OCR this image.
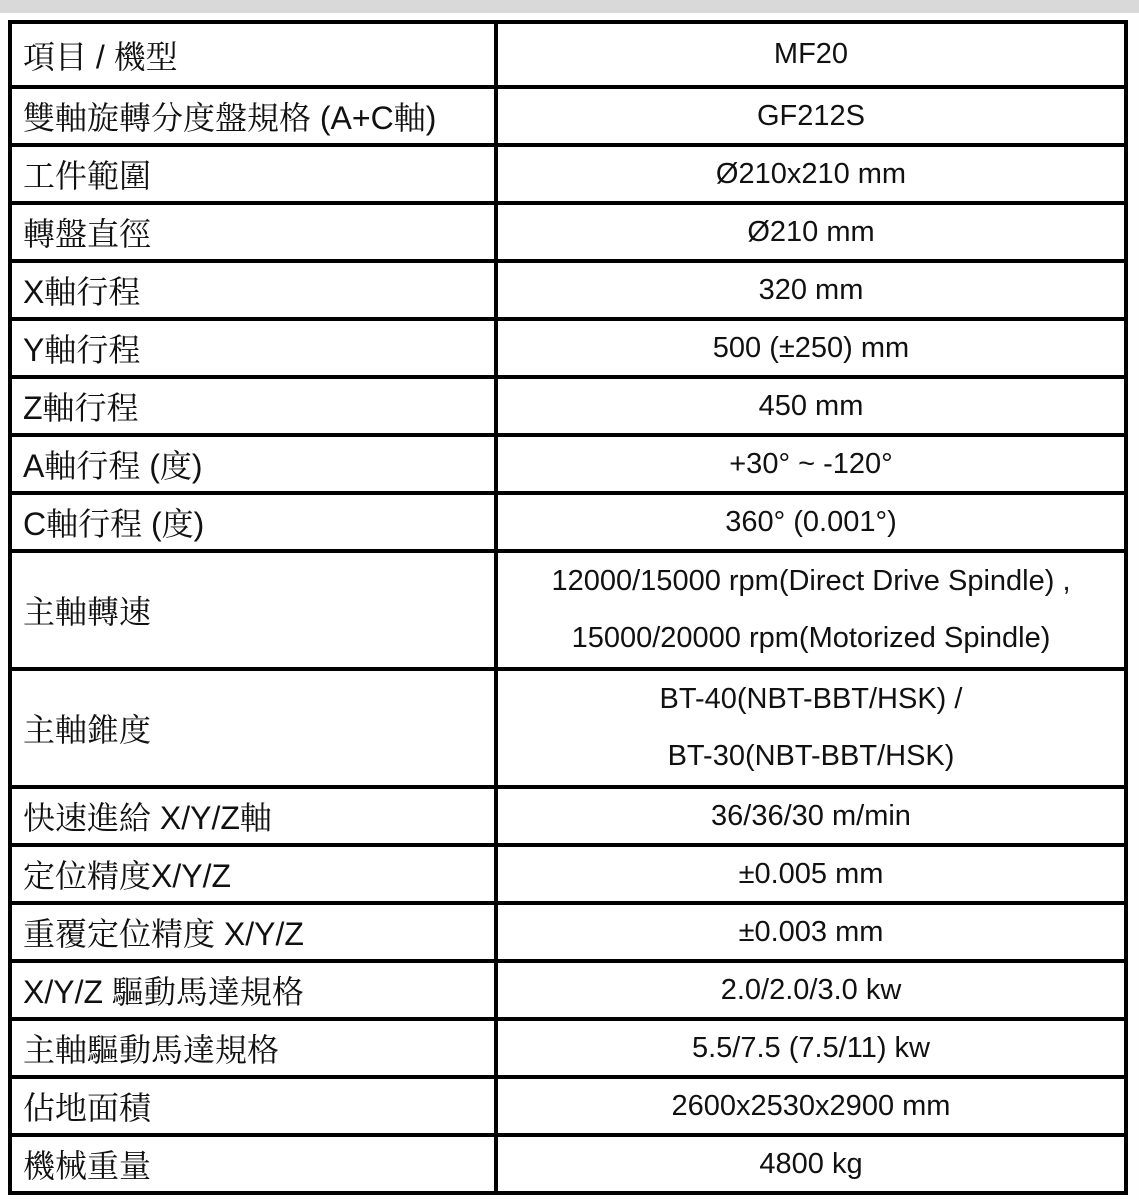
項目 / 機型	MF20
雙軸旋轉分度盤規格 (A+C軸)	GF212S
工件範圍	Ø210x210 mm
轉盤直徑	Ø210 mm
X軸行程	320 mm
Y軸行程	500 (±250) mm
Z軸行程	450 mm
A軸行程 (度)	+30° ~ -120°
C軸行程 (度)	360° (0.001°)
主軸轉速	12000/15000 rpm(Direct Drive Spindle) ,
15000/20000 rpm(Motorized Spindle)

主軸錐度	BT-40(NBT-BBT/HSK) /
BT-30(NBT-BBT/HSK)

快速進給 X/Y/Z軸	36/36/30 m/min
定位精度X/Y/Z	±0.005 mm
重覆定位精度 X/Y/Z	±0.003 mm
X/Y/Z 驅動馬達規格	2.0/2.0/3.0 kw
主軸驅動馬達規格	5.5/7.5 (7.5/11) kw
佔地面積	2600x2530x2900 mm
機械重量	4800 kg
